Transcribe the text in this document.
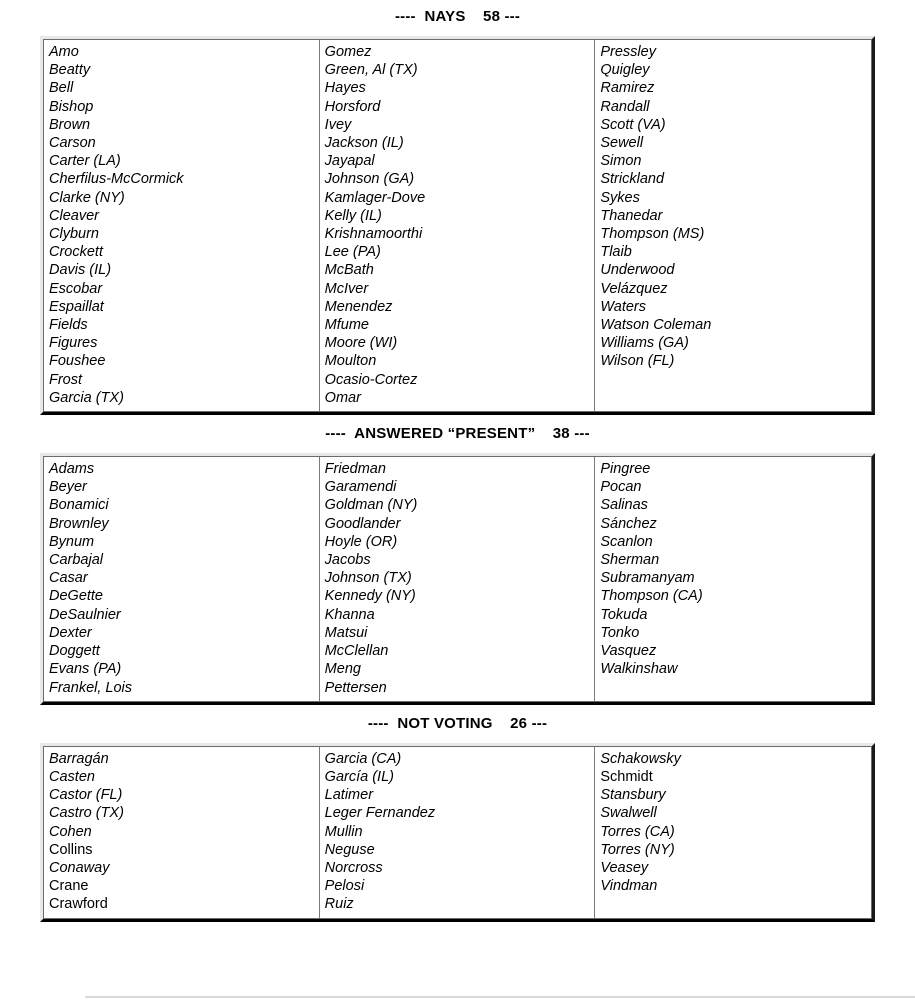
----  NAYS    58 ---
Amo
Beatty
Bell
Bishop
Brown
Carson
Carter (LA)
Cherfilus-McCormick
Clarke (NY)
Cleaver
Clyburn
Crockett
Davis (IL)
Escobar
Espaillat
Fields
Figures
Foushee
Frost
Garcia (TX)
Gomez
Green, Al (TX)
Hayes
Horsford
Ivey
Jackson (IL)
Jayapal
Johnson (GA)
Kamlager-Dove
Kelly (IL)
Krishnamoorthi
Lee (PA)
McBath
McIver
Menendez
Mfume
Moore (WI)
Moulton
Ocasio-Cortez
Omar
Pressley
Quigley
Ramirez
Randall
Scott (VA)
Sewell
Simon
Strickland
Sykes
Thanedar
Thompson (MS)
Tlaib
Underwood
Velázquez
Waters
Watson Coleman
Williams (GA)
Wilson (FL)
----  ANSWERED “PRESENT”    38 ---
Adams
Beyer
Bonamici
Brownley
Bynum
Carbajal
Casar
DeGette
DeSaulnier
Dexter
Doggett
Evans (PA)
Frankel, Lois
Friedman
Garamendi
Goldman (NY)
Goodlander
Hoyle (OR)
Jacobs
Johnson (TX)
Kennedy (NY)
Khanna
Matsui
McClellan
Meng
Pettersen
Pingree
Pocan
Salinas
Sánchez
Scanlon
Sherman
Subramanyam
Thompson (CA)
Tokuda
Tonko
Vasquez
Walkinshaw
----  NOT VOTING    26 ---
Barragán
Casten
Castor (FL)
Castro (TX)
Cohen
Collins
Conaway
Crane
Crawford
Garcia (CA)
García (IL)
Latimer
Leger Fernandez
Mullin
Neguse
Norcross
Pelosi
Ruiz
Schakowsky
Schmidt
Stansbury
Swalwell
Torres (CA)
Torres (NY)
Veasey
Vindman
